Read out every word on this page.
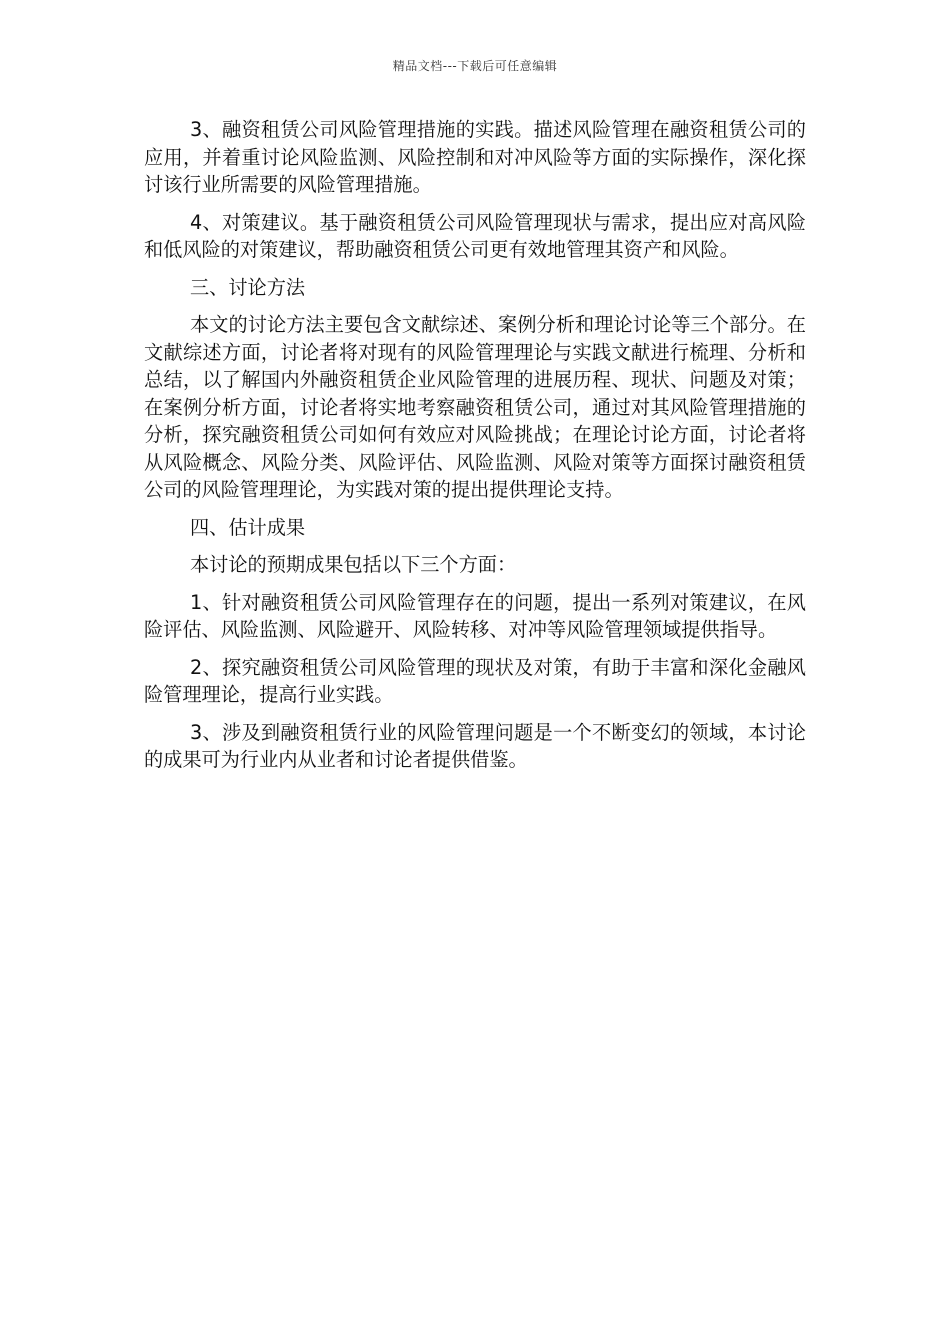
精品文档---下载后可任意编辑

3、融资租赁公司风险管理措施的实践。描述风险管理在融资租赁公司的应用，并着重讨论风险监测、风险控制和对冲风险等方面的实际操作，深化探讨该行业所需要的风险管理措施。

4、对策建议。基于融资租赁公司风险管理现状与需求，提出应对高风险和低风险的对策建议，帮助融资租赁公司更有效地管理其资产和风险。

三、讨论方法

本文的讨论方法主要包含文献综述、案例分析和理论讨论等三个部分。在文献综述方面，讨论者将对现有的风险管理理论与实践文献进行梳理、分析和总结，以了解国内外融资租赁企业风险管理的进展历程、现状、问题及对策；在案例分析方面，讨论者将实地考察融资租赁公司，通过对其风险管理措施的分析，探究融资租赁公司如何有效应对风险挑战；在理论讨论方面，讨论者将从风险概念、风险分类、风险评估、风险监测、风险对策等方面探讨融资租赁公司的风险管理理论，为实践对策的提出提供理论支持。

四、估计成果

本讨论的预期成果包括以下三个方面：

1、针对融资租赁公司风险管理存在的问题，提出一系列对策建议，在风险评估、风险监测、风险避开、风险转移、对冲等风险管理领域提供指导。

2、探究融资租赁公司风险管理的现状及对策，有助于丰富和深化金融风险管理理论，提高行业实践。

3、涉及到融资租赁行业的风险管理问题是一个不断变幻的领域，本讨论的成果可为行业内从业者和讨论者提供借鉴。
